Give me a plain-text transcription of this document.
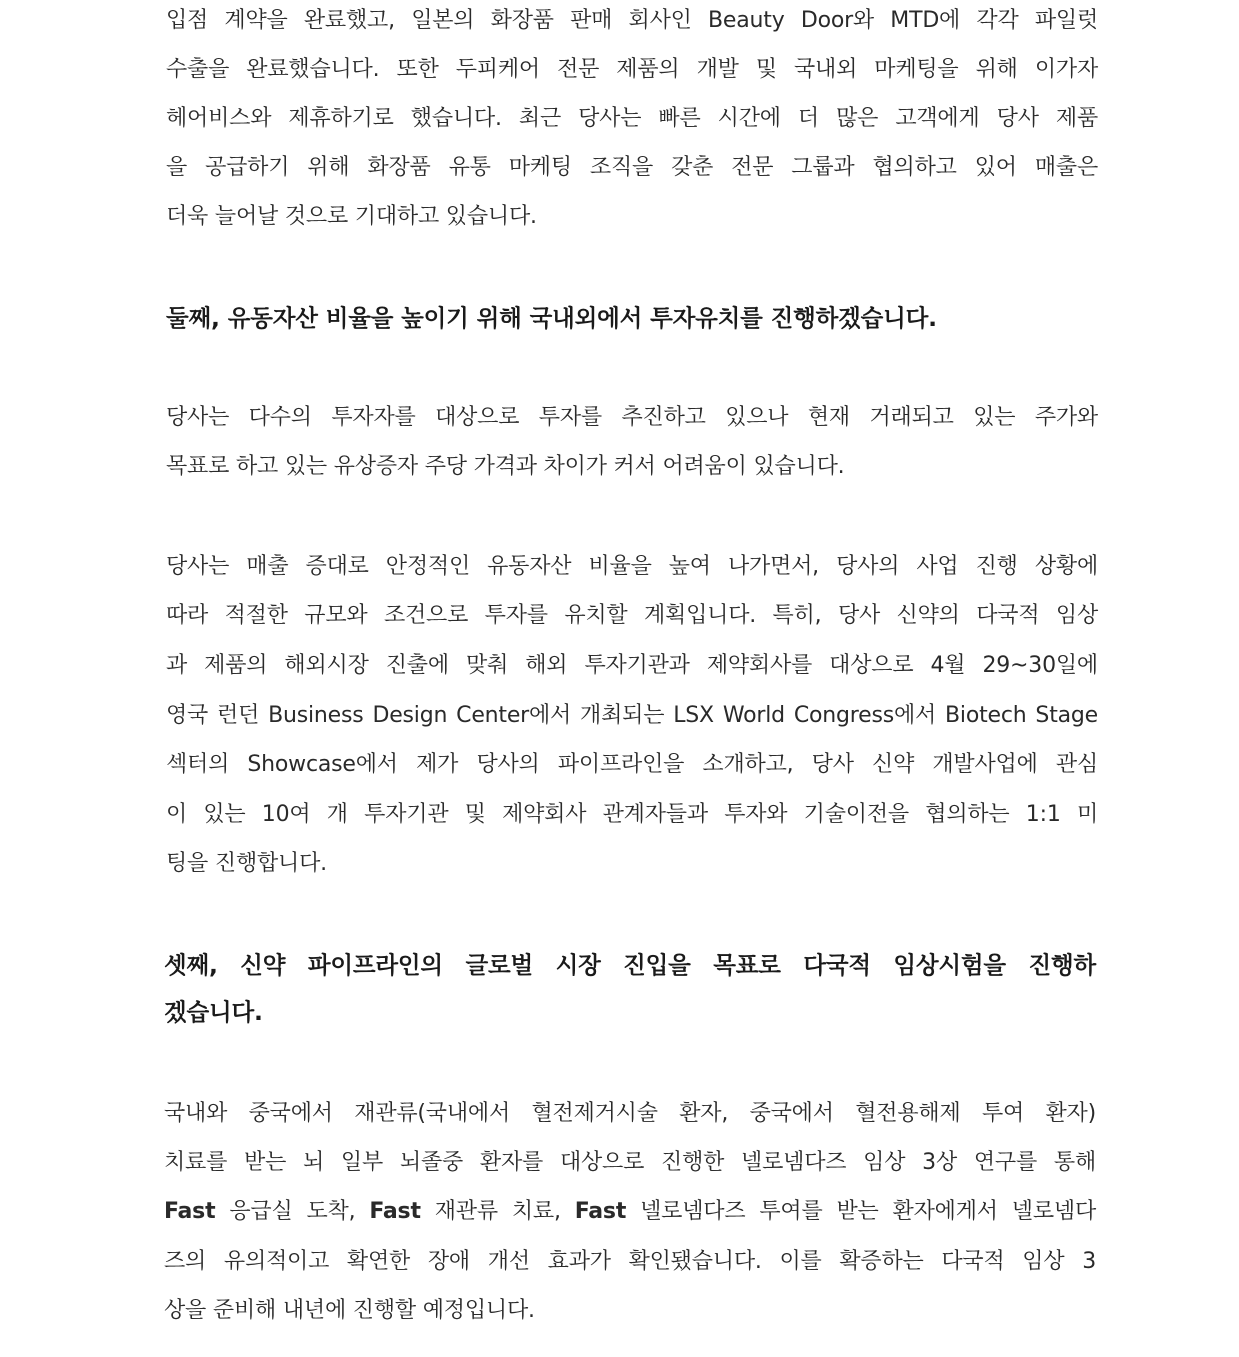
입점 계약을 완료했고, 일본의 화장품 판매 회사인 Beauty Door와 MTD에 각각 파일럿
수출을 완료했습니다. 또한 두피케어 전문 제품의 개발 및 국내외 마케팅을 위해 이가자
헤어비스와 제휴하기로 했습니다. 최근 당사는 빠른 시간에 더 많은 고객에게 당사 제품
을 공급하기 위해 화장품 유통 마케팅 조직을 갖춘 전문 그룹과 협의하고 있어 매출은
더욱 늘어날 것으로 기대하고 있습니다.
둘째, 유동자산 비율을 높이기 위해 국내외에서 투자유치를 진행하겠습니다.
당사는 다수의 투자자를 대상으로 투자를 추진하고 있으나 현재 거래되고 있는 주가와
목표로 하고 있는 유상증자 주당 가격과 차이가 커서 어려움이 있습니다.
당사는 매출 증대로 안정적인 유동자산 비율을 높여 나가면서, 당사의 사업 진행 상황에
따라 적절한 규모와 조건으로 투자를 유치할 계획입니다. 특히, 당사 신약의 다국적 임상
과 제품의 해외시장 진출에 맞춰 해외 투자기관과 제약회사를 대상으로 4월 29~30일에
영국 런던 Business Design Center에서 개최되는 LSX World Congress에서 Biotech Stage
섹터의 Showcase에서 제가 당사의 파이프라인을 소개하고, 당사 신약 개발사업에 관심
이 있는 10여 개 투자기관 및 제약회사 관계자들과 투자와 기술이전을 협의하는 1:1 미
팅을 진행합니다.
셋째, 신약 파이프라인의 글로벌 시장 진입을 목표로 다국적 임상시험을 진행하
겠습니다.
국내와 중국에서 재관류(국내에서 혈전제거시술 환자, 중국에서 혈전용해제 투여 환자)
치료를 받는 뇌 일부 뇌졸중 환자를 대상으로 진행한 넬로넴다즈 임상 3상 연구를 통해
Fast 응급실 도착, Fast 재관류 치료, Fast 넬로넴다즈 투여를 받는 환자에게서 넬로넴다
즈의 유의적이고 확연한 장애 개선 효과가 확인됐습니다. 이를 확증하는 다국적 임상 3
상을 준비해 내년에 진행할 예정입니다.
